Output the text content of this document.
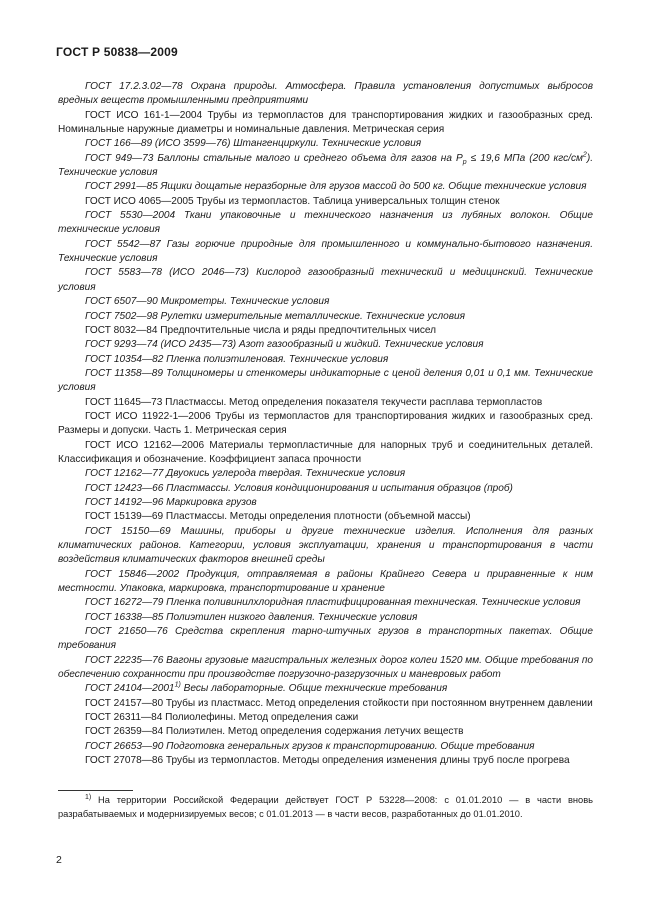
ГОСТ Р 50838—2009

ГОСТ 17.2.3.02—78 Охрана природы. Атмосфера. Правила установления допустимых выбросов вредных веществ промышленными предприятиями

ГОСТ ИСО 161-1—2004 Трубы из термопластов для транспортирования жидких и газообразных сред. Номинальные наружные диаметры и номинальные давления. Метрическая серия

ГОСТ 166—89 (ИСО 3599—76) Штангенциркули. Технические условия

ГОСТ 949—73 Баллоны стальные малого и среднего объема для газов на $P_p \le 19,6$ МПа (200 кгс/$см^2$). Технические условия

ГОСТ 2991—85 Ящики дощатые неразборные для грузов массой до 500 кг. Общие технические условия

ГОСТ ИСО 4065—2005 Трубы из термопластов. Таблица универсальных толщин стенок

ГОСТ 5530—2004 Ткани упаковочные и технического назначения из лубяных волокон. Общие технические условия

ГОСТ 5542—87 Газы горючие природные для промышленного и коммунально-бытового назначения. Технические условия

ГОСТ 5583—78 (ИСО 2046—73) Кислород газообразный технический и медицинский. Технические условия

ГОСТ 6507—90 Микрометры. Технические условия

ГОСТ 7502—98 Рулетки измерительные металлические. Технические условия

ГОСТ 8032—84 Предпочтительные числа и ряды предпочтительных чисел

ГОСТ 9293—74 (ИСО 2435—73) Азот газообразный и жидкий. Технические условия

ГОСТ 10354—82 Пленка полиэтиленовая. Технические условия

ГОСТ 11358—89 Толщиномеры и стенкомеры индикаторные с ценой деления 0,01 и 0,1 мм. Технические условия

ГОСТ 11645—73 Пластмассы. Метод определения показателя текучести расплава термопластов

ГОСТ ИСО 11922-1—2006 Трубы из термопластов для транспортирования жидких и газообразных сред. Размеры и допуски. Часть 1. Метрическая серия

ГОСТ ИСО 12162—2006 Материалы термопластичные для напорных труб и соединительных деталей. Классификация и обозначение. Коэффициент запаса прочности

ГОСТ 12162—77 Двуокись углерода твердая. Технические условия

ГОСТ 12423—66 Пластмассы. Условия кондиционирования и испытания образцов (проб)

ГОСТ 14192—96 Маркировка грузов

ГОСТ 15139—69 Пластмассы. Методы определения плотности (объемной массы)

ГОСТ 15150—69 Машины, приборы и другие технические изделия. Исполнения для разных климатических районов. Категории, условия эксплуатации, хранения и транспортирования в части воздействия климатических факторов внешней среды

ГОСТ 15846—2002 Продукция, отправляемая в районы Крайнего Севера и приравненные к ним местности. Упаковка, маркировка, транспортирование и хранение

ГОСТ 16272—79 Пленка поливинилхлоридная пластифицированная техническая. Технические условия

ГОСТ 16338—85 Полиэтилен низкого давления. Технические условия

ГОСТ 21650—76 Средства скрепления тарно-штучных грузов в транспортных пакетах. Общие требования

ГОСТ 22235—76 Вагоны грузовые магистральных железных дорог колеи 1520 мм. Общие требования по обеспечению сохранности при производстве погрузочно-разгрузочных и маневровых работ

ГОСТ 24104—2001$^{1)}$ Весы лабораторные. Общие технические требования

ГОСТ 24157—80 Трубы из пластмасс. Метод определения стойкости при постоянном внутреннем давлении

ГОСТ 26311—84 Полиолефины. Метод определения сажи

ГОСТ 26359—84 Полиэтилен. Метод определения содержания летучих веществ

ГОСТ 26653—90 Подготовка генеральных грузов к транспортированию. Общие требования

ГОСТ 27078—86 Трубы из термопластов. Методы определения изменения длины труб после прогрева

$^{1)}$ На территории Российской Федерации действует ГОСТ Р 53228—2008: с 01.01.2010 — в части вновь разрабатываемых и модернизируемых весов; с 01.01.2013 — в части весов, разработанных до 01.01.2010.

2
